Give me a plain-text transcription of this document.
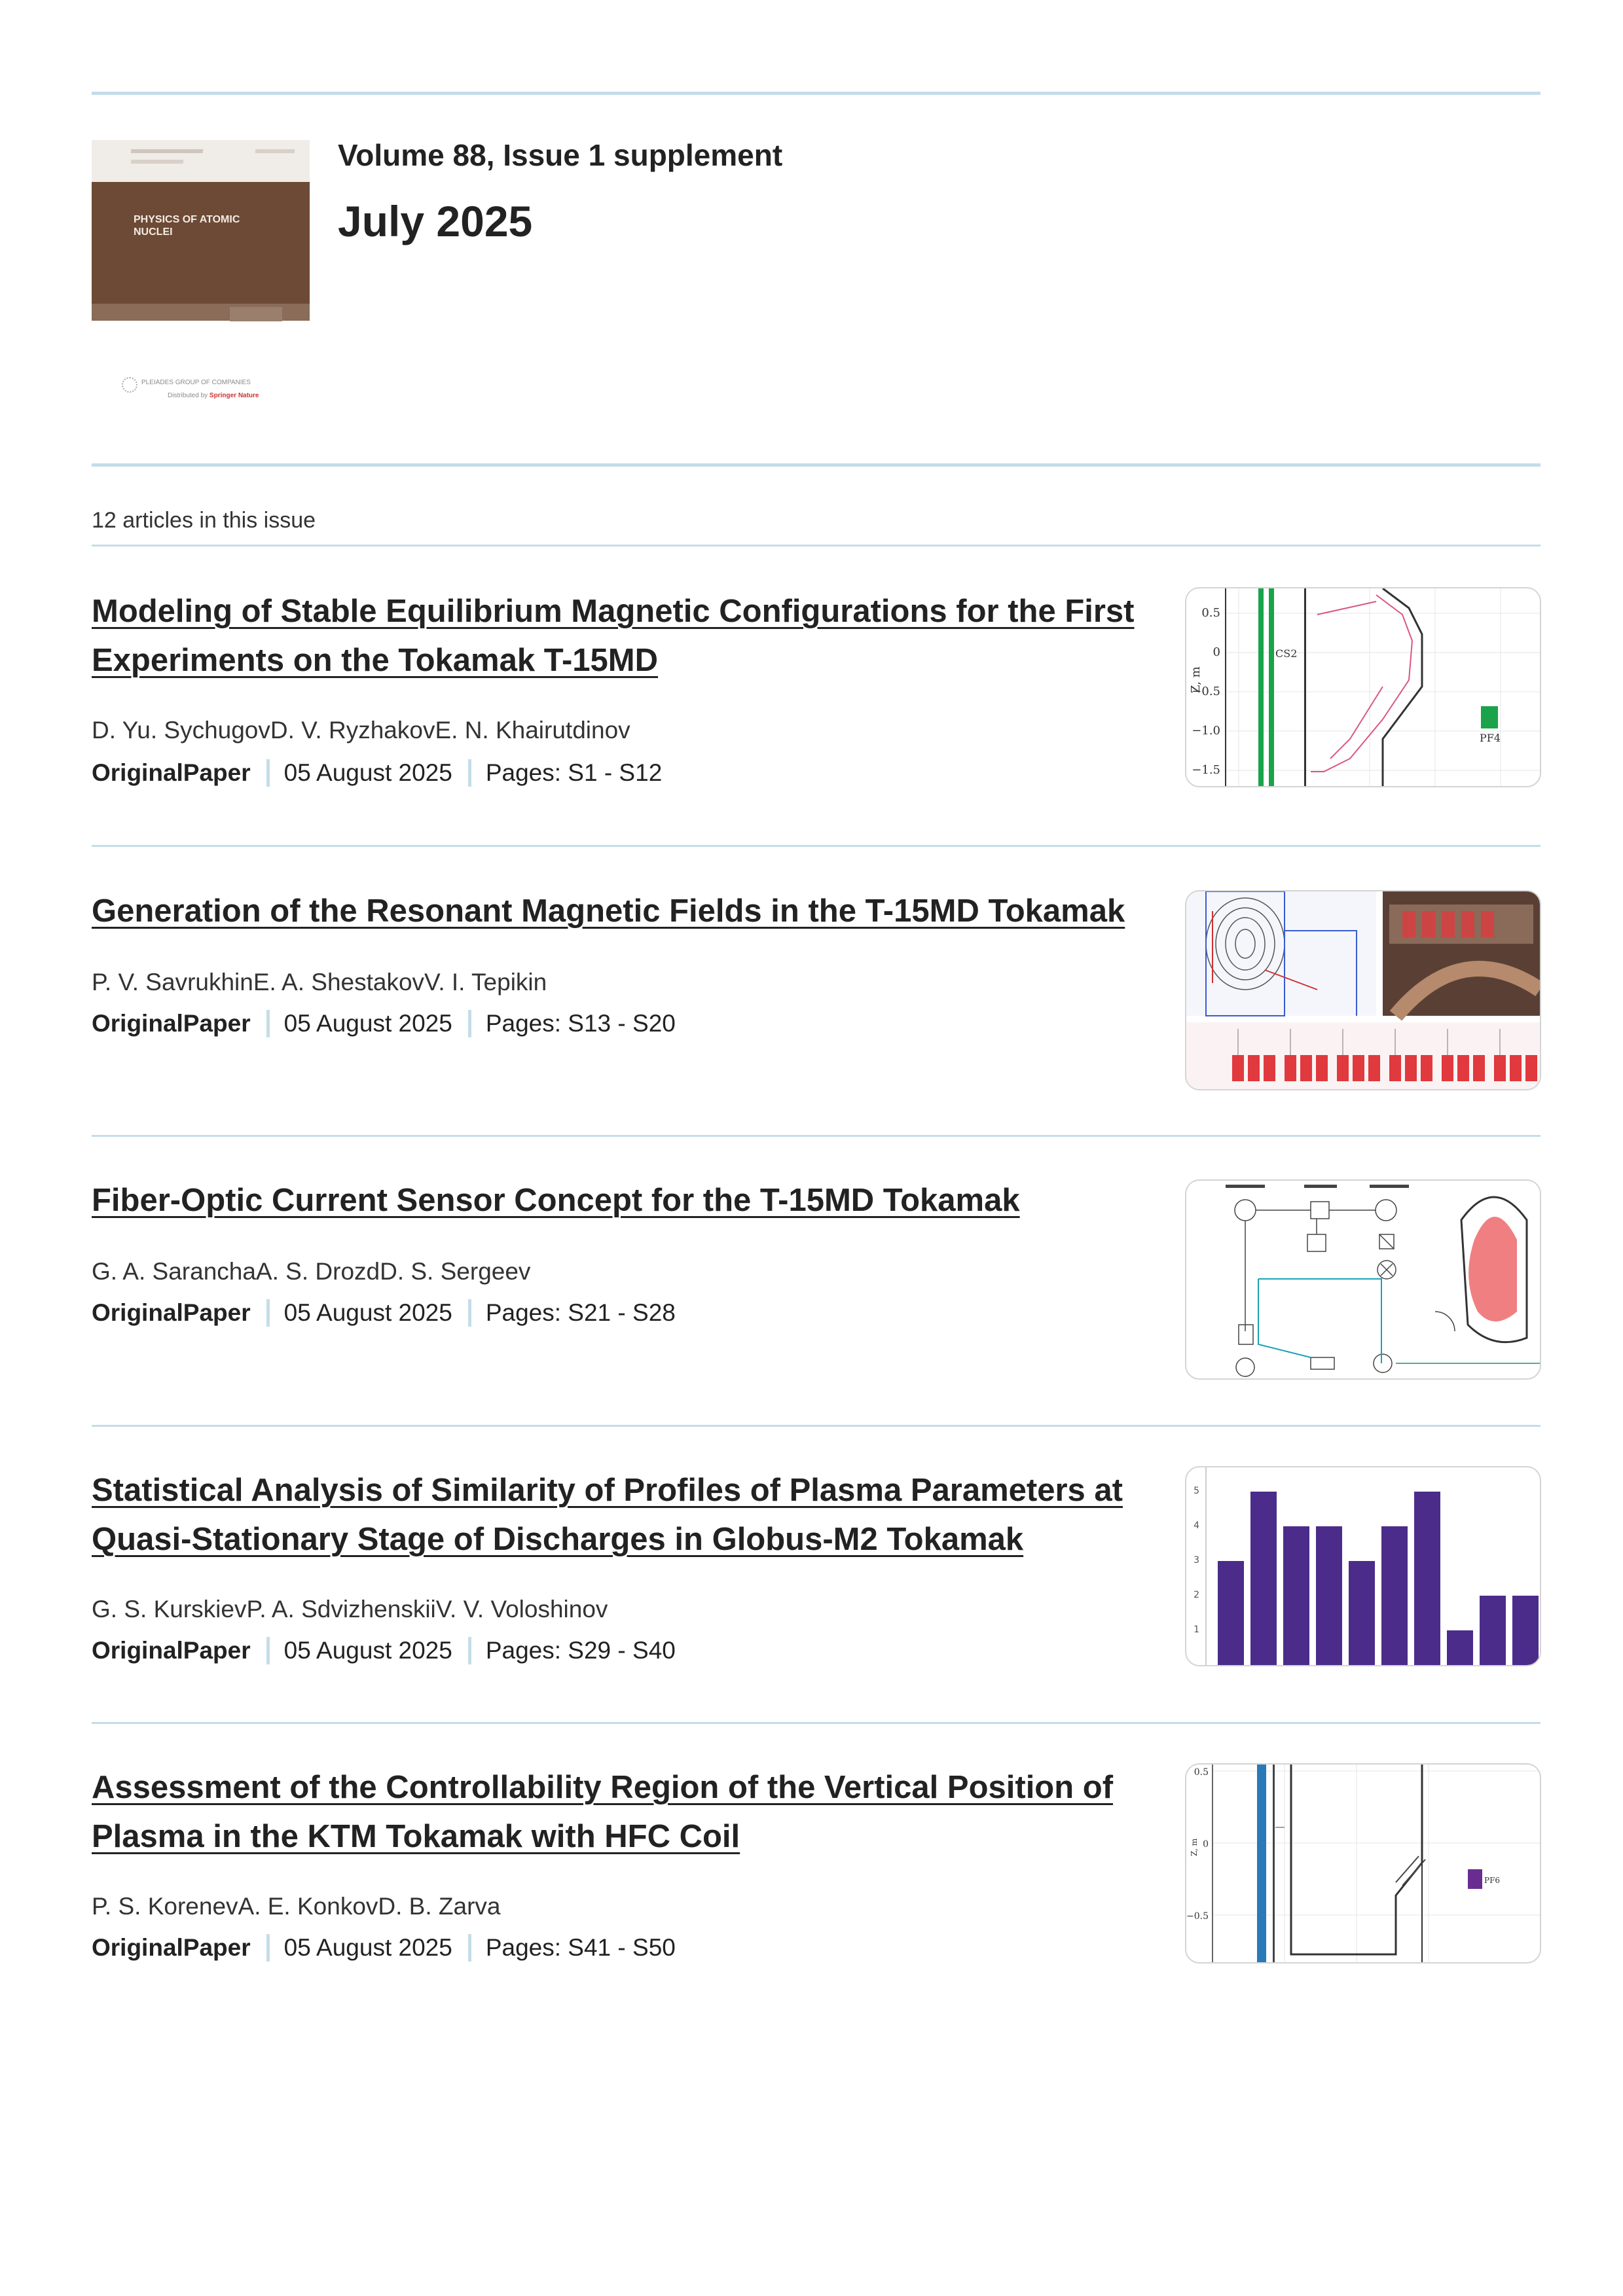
PHYSICS OF ATOMIC NUCLEI
PLEIADES GROUP OF COMPANIES
Distributed by Springer Nature
Volume 88, Issue 1 supplement
July 2025
12 articles in this issue
Modeling of Stable Equilibrium Magnetic Configurations for the First Experiments on the Tokamak T-15MD
D. Yu. SychugovD. V. RyzhakovE. N. Khairutdinov
OriginalPaper 05 August 2025 Pages: S1 - S12
0.5
0
−0.5
−1.0
−1.5
Z, m
CS2
PF4
Generation of the Resonant Magnetic Fields in the T-15MD Tokamak
P. V. SavrukhinE. A. ShestakovV. I. Tepikin
OriginalPaper 05 August 2025 Pages: S13 - S20
Fiber-Optic Current Sensor Concept for the T-15MD Tokamak
G. A. SaranchaA. S. DrozdD. S. Sergeev
OriginalPaper 05 August 2025 Pages: S21 - S28
Statistical Analysis of Similarity of Profiles of Plasma Parameters at Quasi-Stationary Stage of Discharges in Globus-M2 Tokamak
G. S. KurskievP. A. SdvizhenskiiV. V. Voloshinov
OriginalPaper 05 August 2025 Pages: S29 - S40
5
4
3
2
1
Assessment of the Controllability Region of the Vertical Position of Plasma in the KTM Tokamak with HFC Coil
P. S. KorenevA. E. KonkovD. B. Zarva
OriginalPaper 05 August 2025 Pages: S41 - S50
0.5
0
−0.5
Z, m
PF6
